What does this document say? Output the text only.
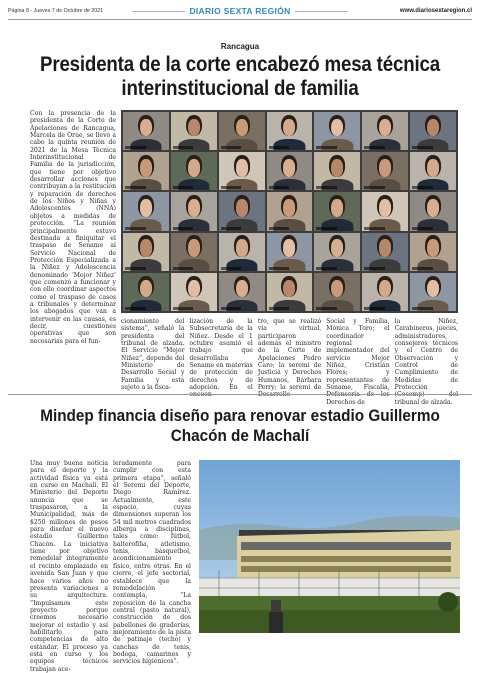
Página 8 - Jueves 7 de Octubre de 2021	DIARIO SEXTA REGIÓN	www.diariosextaregion.cl
Rancagua
Presidenta de la corte encabezó mesa técnica interinstitucional de familia
Con la presencia de la presidenta de la Corte de Apelaciones de Rancagua, Marcela de Orúe, se llevó a cabo la quinta reunión de 2021 de la Mesa Técnica Interinstitucional de Familia de la jurisdicción, que tiene por objetivo desarrollar acciones que contribuyan a la restitución y reparación de derechos de los Niños y Niñas y Adolescentes (NNA) objetos a medidas de protección. “La reunión principalmente estuvo destinada a finiquitar el traspaso de Sename al Servicio Nacional de Protección Especializada a la Niñez y Adolescencia denominado ‘Mejor Niñez’ que comenzó a funcionar y con ello coordinar aspectos como el traspaso de casos a tribunales y determinar los abogados que van a intervenir en las causas, es decir, cuestiones operativas que son necesarias para el fun-
cionamiento del sistema”, señaló la presidenta del tribunal de alzada. El Servicio “Mejor Niñez”, depende del Ministerio de Desarrollo Social y Familia y está sujeto a la fisca-
lización de la Subsecretaría de la Niñez. Desde el 1 octubre asumió el trabajo que desarrollaba Sename en materias de protección de derechos y de adopción. En el
tro, que se realizó vía virtual, participaron además el ministro de la Corte de Apelaciones Pedro Caro; la seremi de Justicia y Derechos Humanos, Bárbara Perry; la seremi de
Social y Familia, Mónica Toro; el coordinador regional implementador del servicio Mejor Niñez, Cristián Flores; y representantes de Sename, Fiscalía, Derechos de
la Niñez, Carabineros, jueces, administradores, consejeros técnicos y el Centro de Observación y Control de Cumplimiento de Medidas de Protección tribunal de alzada.
Mindep financia diseño para renovar estadio Guillermo Chacón de Machalí
Una muy buena noticia para el deporte y la actividad física ya está en curso en Machalí. El Ministerio del Deporte anuncia que se traspasaron, a la Municipalidad, más de $250 millones de pesos para diseñar el nuevo estadio Guillermo Chacón. La iniciativa tiene por objetivo remodelar íntegramente el recinto emplazado en avenida San Juan y que hace varios años no presenta variaciones a su arquitectura. “Impulsamos este proyecto porque creemos necesario mejorar el estadio y así habilitarlo para competencias de alto estándar. El proceso ya está en curso y los equipos técnicos trabajan ace-
leradamente para cumplir con esta primera etapa”, señaló el Seremi del Deporte, Diego Ramírez. Actualmente, este espacio, cuyas dimensiones superan los 54 mil metros cuadrados alberga a disciplinas, tales como: fútbol, halterofilia, atletismo, tenis, básquetbol, acondicionamiento físico, entre otras. En el cierre, el jefe sectorial, establece que la remodelación contempla, “La reposición de la cancha central (pasto natural), construcción de dos pabellones de graderías, mejoramiento de la pista de patinaje (techo) y canchas de tenis, bodega, camarines y servicios higiénicos”.
